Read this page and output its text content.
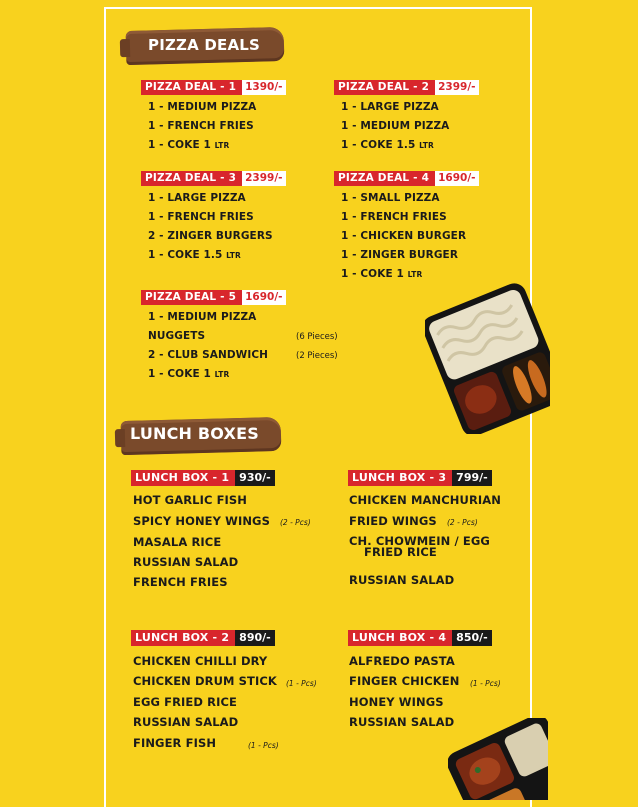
PIZZA DEALS
PIZZA DEAL - 1 1390/-
1 - MEDIUM PIZZA
1 - FRENCH FRIES
1 - COKE 1 LTR
PIZZA DEAL - 2 2399/-
1 - LARGE PIZZA
1 - MEDIUM PIZZA
1 - COKE 1.5 LTR
PIZZA DEAL - 3 2399/-
1 - LARGE PIZZA
1 - FRENCH FRIES
2 - ZINGER BURGERS
1 - COKE 1.5 LTR
PIZZA DEAL - 4 1690/-
1 - SMALL PIZZA
1 - FRENCH FRIES
1 - CHICKEN BURGER
1 - ZINGER BURGER
1 - COKE 1 LTR
PIZZA DEAL - 5 1690/-
1 - MEDIUM PIZZA
NUGGETS	(6 Pieces)
2 - CLUB SANDWICH	(2 Pieces)
1 - COKE 1 LTR
LUNCH BOXES
LUNCH BOX - 1 930/-
HOT GARLIC FISH
SPICY HONEY WINGS (2 - Pcs)
MASALA RICE
RUSSIAN SALAD
FRENCH FRIES
LUNCH BOX - 3 799/-
CHICKEN MANCHURIAN
FRIED WINGS (2 - Pcs)
CH. CHOWMEIN / EGG
FRIED RICE
RUSSIAN SALAD
LUNCH BOX - 2 890/-
CHICKEN CHILLI DRY
CHICKEN DRUM STICK (1 - Pcs)
EGG FRIED RICE
RUSSIAN SALAD
FINGER FISH	(1 - Pcs)
LUNCH BOX - 4 850/-
ALFREDO PASTA
FINGER CHICKEN (1 - Pcs)
HONEY WINGS
RUSSIAN SALAD
